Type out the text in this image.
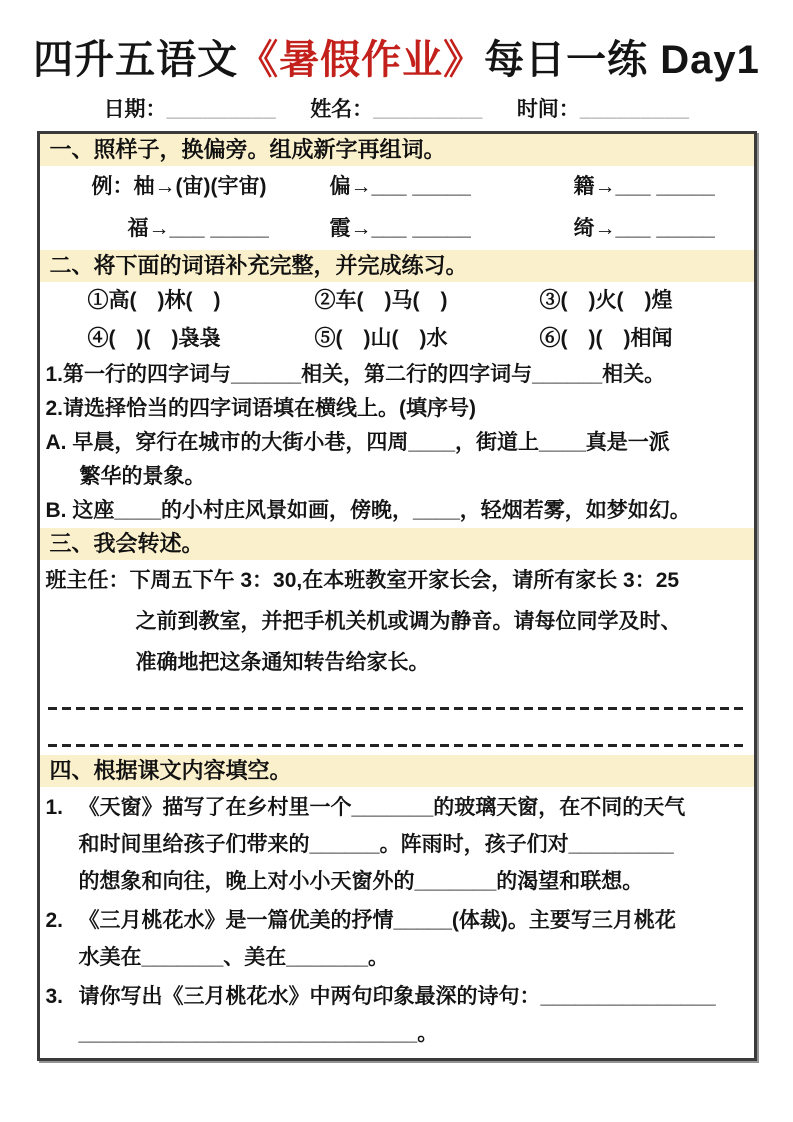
四升五语文《暑假作业》每日一练 Day1
日期：_________ 姓名：_________ 时间：_________
一、照样子，换偏旁。组成新字再组词。
例：柚→(宙)(宇宙)	偏→___ _____	籍→___ _____
福→___ _____	霞→___ _____	绮→___ _____
二、将下面的词语补充完整，并完成练习。
①高(　)林(　)	②车(　)马(　)	③(　)火(　)煌
④(　)(　)袅袅	⑤(　)山(　)水	⑥(　)(　)相闻
1.第一行的四字词与______相关，第二行的四字词与______相关。
2.请选择恰当的四字词语填在横线上。(填序号)
A. 早晨，穿行在城市的大街小巷，四周____，街道上____真是一派
繁华的景象。
B. 这座____的小村庄风景如画，傍晚，____，轻烟若雾，如梦如幻。
三、我会转述。
班主任：下周五下午 3：30,在本班教室开家长会，请所有家长 3：25
之前到教室，并把手机关机或调为静音。请每位同学及时、
准确地把这条通知转告给家长。
四、根据课文内容填空。
1. 《天窗》描写了在乡村里一个_______的玻璃天窗，在不同的天气
和时间里给孩子们带来的______。阵雨时，孩子们对_________
的想象和向往，晚上对小小天窗外的_______的渴望和联想。
2. 《三月桃花水》是一篇优美的抒情_____(体裁)。主要写三月桃花
水美在_______、美在_______。
3. 请你写出《三月桃花水》中两句印象最深的诗句：_______________
_____________________________。
